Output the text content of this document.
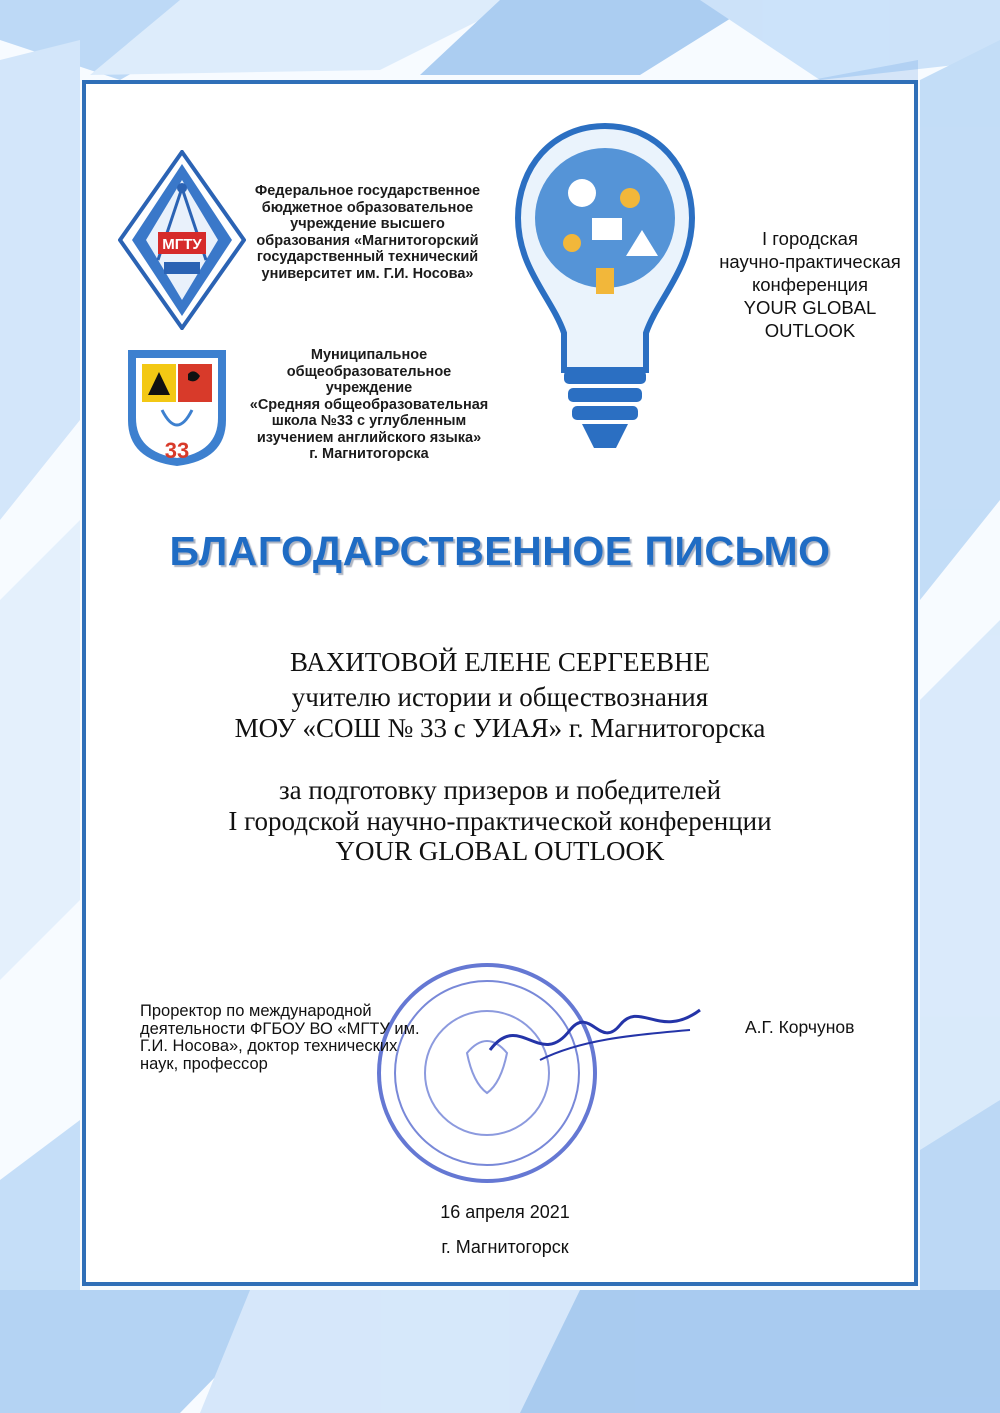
МГТУ
Федеральное государственное
бюджетное образовательное
учреждение высшего
образования «Магнитогорский
государственный технический
университет им. Г.И. Носова»
33
Муниципальное
общеобразовательное
учреждение
«Средняя общеобразовательная
школа №33 с углубленным
изучением английского языка»
г. Магнитогорска
I городская
научно-практическая
конференция
YOUR GLOBAL
OUTLOOK
БЛАГОДАРСТВЕННОЕ ПИСЬМО
ВАХИТОВОЙ ЕЛЕНЕ СЕРГЕЕВНЕ
учителю истории и обществознания
МОУ «СОШ № 33 с УИАЯ» г. Магнитогорска
за подготовку призеров и победителей
I городской научно-практической конференции
YOUR GLOBAL OUTLOOK
Проректор по международной
деятельности ФГБОУ ВО «МГТУ им.
Г.И. Носова», доктор технических
наук, профессор
А.Г. Корчунов
16 апреля 2021
г. Магнитогорск
